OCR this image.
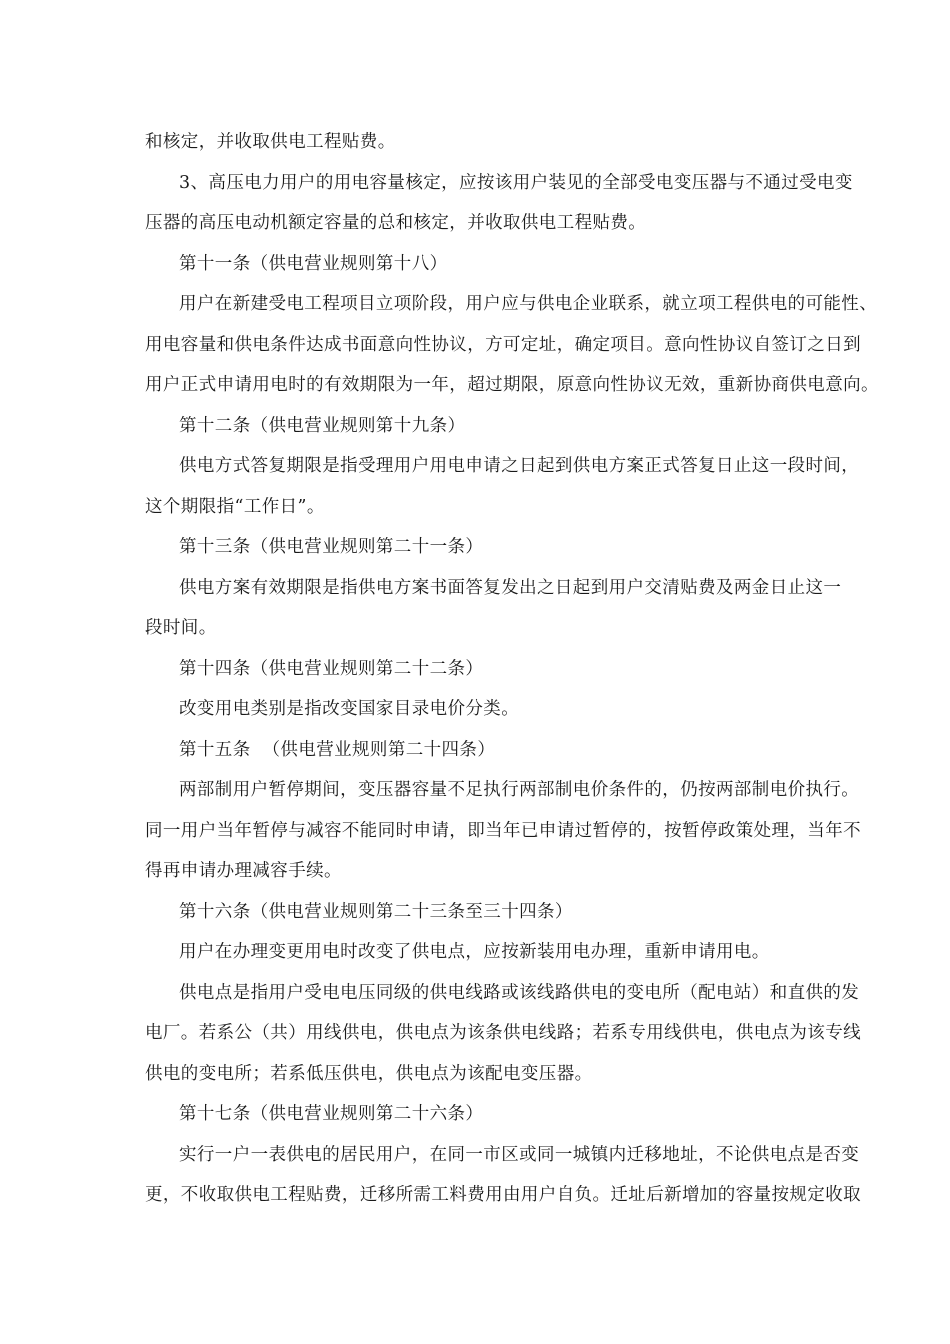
和核定，并收取供电工程贴费。
3、高压电力用户的用电容量核定，应按该用户装见的全部受电变压器与不通过受电变
压器的高压电动机额定容量的总和核定，并收取供电工程贴费。
第十一条（供电营业规则第十八）
用户在新建受电工程项目立项阶段，用户应与供电企业联系，就立项工程供电的可能性、
用电容量和供电条件达成书面意向性协议，方可定址，确定项目。意向性协议自签订之日到
用户正式申请用电时的有效期限为一年，超过期限，原意向性协议无效，重新协商供电意向。
第十二条（供电营业规则第十九条）
供电方式答复期限是指受理用户用电申请之日起到供电方案正式答复日止这一段时间，
这个期限指“工作日”。
第十三条（供电营业规则第二十一条）
供电方案有效期限是指供电方案书面答复发出之日起到用户交清贴费及两金日止这一
段时间。
第十四条（供电营业规则第二十二条）
改变用电类别是指改变国家目录电价分类。
第十五条  （供电营业规则第二十四条）
两部制用户暂停期间，变压器容量不足执行两部制电价条件的，仍按两部制电价执行。
同一用户当年暂停与减容不能同时申请，即当年已申请过暂停的，按暂停政策处理，当年不
得再申请办理减容手续。
第十六条（供电营业规则第二十三条至三十四条）
用户在办理变更用电时改变了供电点，应按新装用电办理，重新申请用电。
供电点是指用户受电电压同级的供电线路或该线路供电的变电所（配电站）和直供的发
电厂。若系公（共）用线供电，供电点为该条供电线路；若系专用线供电，供电点为该专线
供电的变电所；若系低压供电，供电点为该配电变压器。
第十七条（供电营业规则第二十六条）
实行一户一表供电的居民用户，在同一市区或同一城镇内迁移地址，不论供电点是否变
更，不收取供电工程贴费，迁移所需工料费用由用户自负。迁址后新增加的容量按规定收取
